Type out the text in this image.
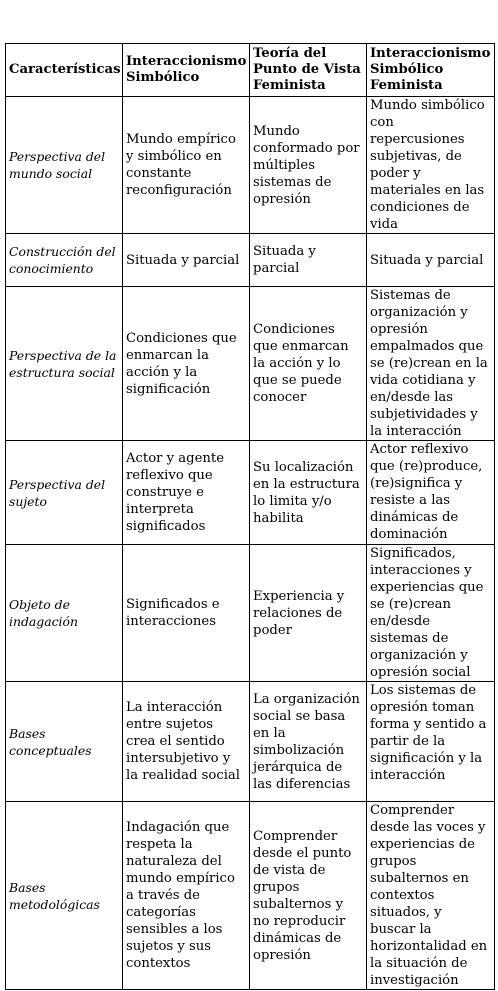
Características	Interaccionismo Simbólico	Teoría del Punto de Vista Feminista	Interaccionismo Simbólico Feminista
Perspectiva del mundo social	Mundo empírico y simbólico en constante reconfiguración	Mundo conformado por múltiples sistemas de opresión	Mundo simbólico con repercusiones subjetivas, de poder y materiales en las condiciones de vida
Construcción del conocimiento	Situada y parcial	Situada y parcial	Situada y parcial
Perspectiva de la estructura social	Condiciones que enmarcan la acción y la significación	Condiciones que enmarcan la acción y lo que se puede conocer	Sistemas de organización y opresión empalmados que se (re)crean en la vida cotidiana y en/desde las subjetividades y la interacción
Perspectiva del sujeto	Actor y agente reflexivo que construye e interpreta significados	Su localización en la estructura lo limita y/o habilita	Actor reflexivo que (re)produce, (re)significa y resiste a las dinámicas de dominación
Objeto de indagación	Significados e interacciones	Experiencia y relaciones de poder	Significados, interacciones y experiencias que se (re)crean en/desde sistemas de organización y opresión social
Bases conceptuales	La interacción entre sujetos crea el sentido intersubjetivo y la realidad social	La organización social se basa en la simbolización jerárquica de las diferencias	Los sistemas de opresión toman forma y sentido a partir de la significación y la interacción
Bases metodológicas	Indagación que respeta la naturaleza del mundo empírico a través de categorías sensibles a los sujetos y sus contextos	Comprender desde el punto de vista de grupos subalternos y no reproducir dinámicas de opresión	Comprender desde las voces y experiencias de grupos subalternos en contextos situados, y buscar la horizontalidad en la situación de investigación
